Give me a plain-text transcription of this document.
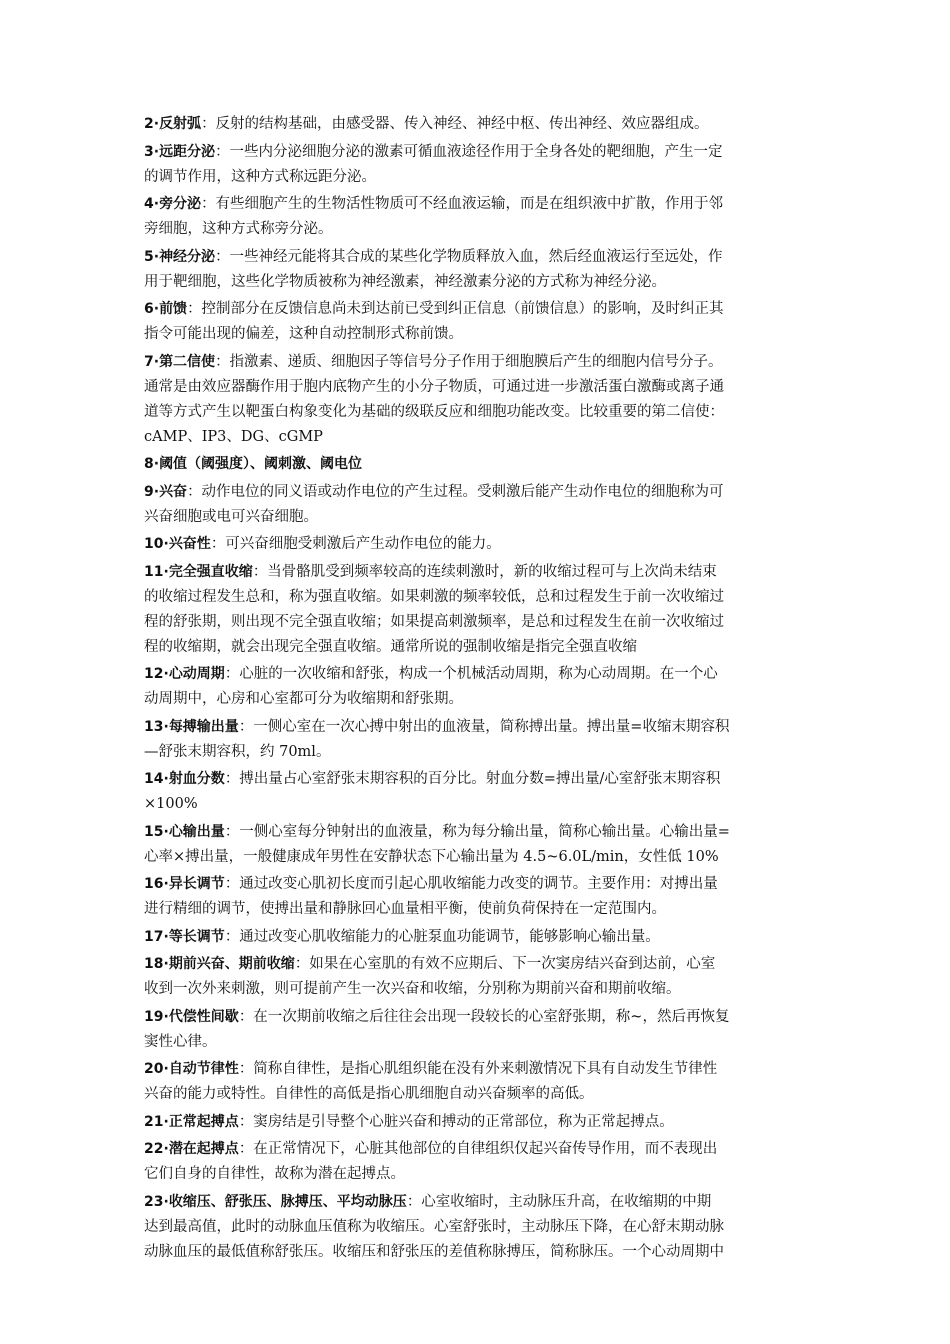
2·反射弧：反射的结构基础，由感受器、传入神经、神经中枢、传出神经、效应器组成。
3·远距分泌：一些内分泌细胞分泌的激素可循血液途径作用于全身各处的靶细胞，产生一定
的调节作用，这种方式称远距分泌。
4·旁分泌：有些细胞产生的生物活性物质可不经血液运输，而是在组织液中扩散，作用于邻
旁细胞，这种方式称旁分泌。
5·神经分泌：一些神经元能将其合成的某些化学物质释放入血，然后经血液运行至远处，作
用于靶细胞，这些化学物质被称为神经激素，神经激素分泌的方式称为神经分泌。
6·前馈：控制部分在反馈信息尚未到达前已受到纠正信息（前馈信息）的影响，及时纠正其
指令可能出现的偏差，这种自动控制形式称前馈。
7·第二信使：指激素、递质、细胞因子等信号分子作用于细胞膜后产生的细胞内信号分子。
通常是由效应器酶作用于胞内底物产生的小分子物质，可通过进一步激活蛋白激酶或离子通
道等方式产生以靶蛋白构象变化为基础的级联反应和细胞功能改变。比较重要的第二信使：
cAMP、IP3、DG、cGMP
8·阈值（阈强度）、阈刺激、阈电位
9·兴奋：动作电位的同义语或动作电位的产生过程。受刺激后能产生动作电位的细胞称为可
兴奋细胞或电可兴奋细胞。
10·兴奋性：可兴奋细胞受刺激后产生动作电位的能力。
11·完全强直收缩：当骨骼肌受到频率较高的连续刺激时，新的收缩过程可与上次尚未结束
的收缩过程发生总和，称为强直收缩。如果刺激的频率较低，总和过程发生于前一次收缩过
程的舒张期，则出现不完全强直收缩；如果提高刺激频率，是总和过程发生在前一次收缩过
程的收缩期，就会出现完全强直收缩。通常所说的强制收缩是指完全强直收缩
12·心动周期：心脏的一次收缩和舒张，构成一个机械活动周期，称为心动周期。在一个心
动周期中，心房和心室都可分为收缩期和舒张期。
13·每搏输出量：一侧心室在一次心搏中射出的血液量，简称搏出量。搏出量=收缩末期容积
—舒张末期容积，约 70ml。
14·射血分数：搏出量占心室舒张末期容积的百分比。射血分数=搏出量/心室舒张末期容积
×100%
15·心输出量：一侧心室每分钟射出的血液量，称为每分输出量，简称心输出量。心输出量=
心率×搏出量，一般健康成年男性在安静状态下心输出量为 4.5~6.0L/min，女性低 10%
16·异长调节：通过改变心肌初长度而引起心肌收缩能力改变的调节。主要作用：对搏出量
进行精细的调节，使搏出量和静脉回心血量相平衡，使前负荷保持在一定范围内。
17·等长调节：通过改变心肌收缩能力的心脏泵血功能调节，能够影响心输出量。
18·期前兴奋、期前收缩：如果在心室肌的有效不应期后、下一次窦房结兴奋到达前，心室
收到一次外来刺激，则可提前产生一次兴奋和收缩，分别称为期前兴奋和期前收缩。
19·代偿性间歇：在一次期前收缩之后往往会出现一段较长的心室舒张期，称~，然后再恢复
窦性心律。
20·自动节律性：简称自律性，是指心肌组织能在没有外来刺激情况下具有自动发生节律性
兴奋的能力或特性。自律性的高低是指心肌细胞自动兴奋频率的高低。
21·正常起搏点：窦房结是引导整个心脏兴奋和搏动的正常部位，称为正常起搏点。
22·潜在起搏点：在正常情况下，心脏其他部位的自律组织仅起兴奋传导作用，而不表现出
它们自身的自律性，故称为潜在起搏点。
23·收缩压、舒张压、脉搏压、平均动脉压：心室收缩时，主动脉压升高，在收缩期的中期
达到最高值，此时的动脉血压值称为收缩压。心室舒张时，主动脉压下降，在心舒末期动脉
动脉血压的最低值称舒张压。收缩压和舒张压的差值称脉搏压，简称脉压。一个心动周期中
